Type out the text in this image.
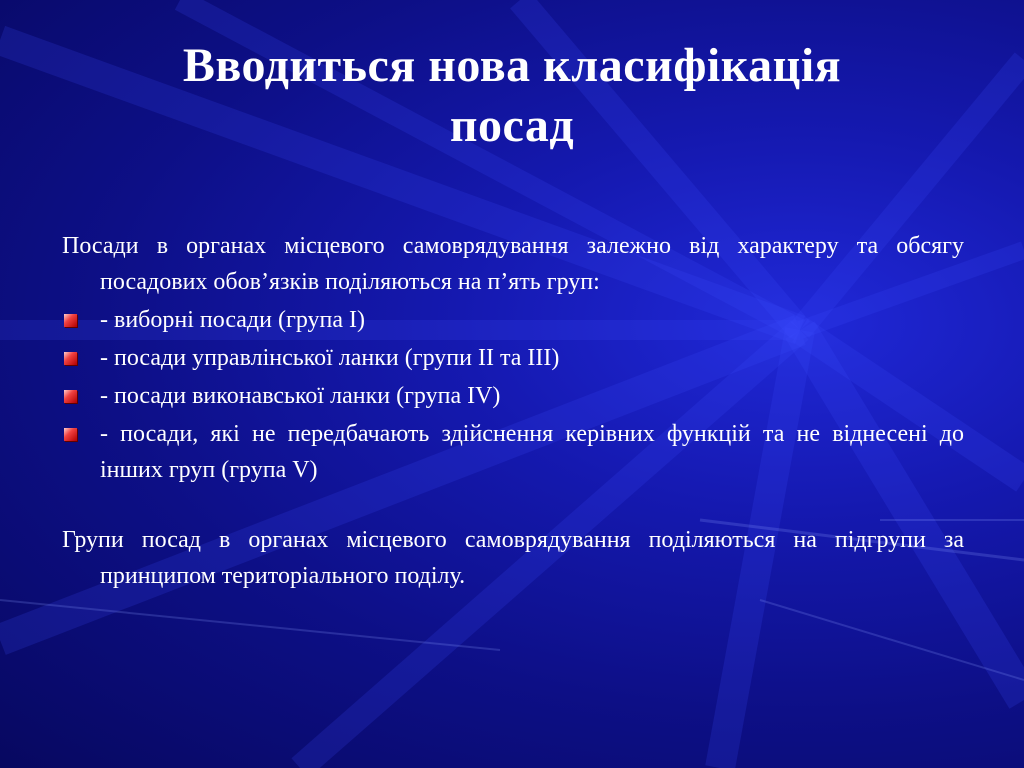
Вводиться нова класифікація
посад

Посади в органах місцевого самоврядування залежно від характеру та обсягу посадових обов’язків поділяються на п’ять груп:

- виборні посади (група І)
- посади управлінської ланки (групи ІІ та ІІІ)
- посади виконавської ланки (група IV)
- посади, які не передбачають здійснення керівних функцій та не віднесені до інших груп (група V)

Групи посад в органах місцевого самоврядування поділяються на підгрупи за принципом територіального поділу.
